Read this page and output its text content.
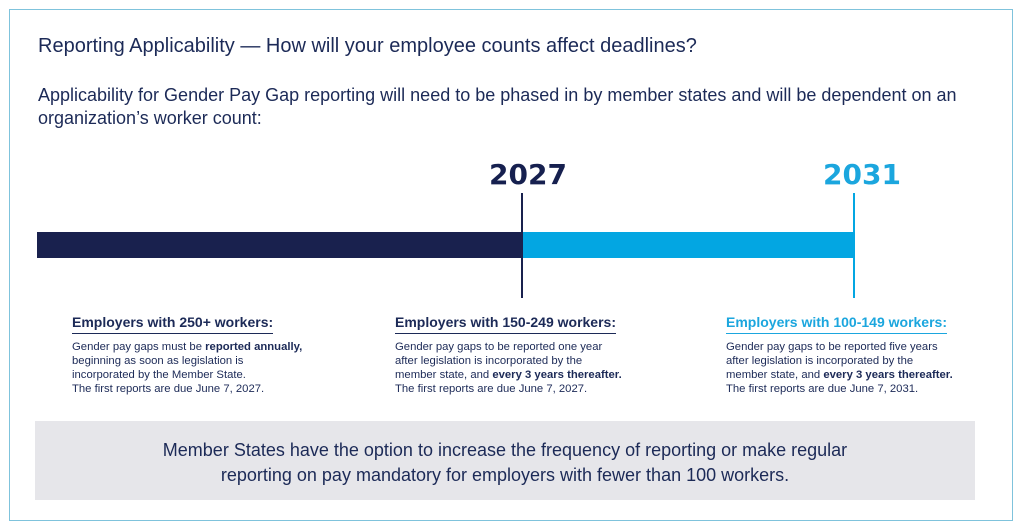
Reporting Applicability — How will your employee counts affect deadlines?
Applicability for Gender Pay Gap reporting will need to be phased in by member states and will be dependent on an organization’s worker count:
2027	2031
Employers with 250+ workers:

Gender pay gaps must be reported annually,

beginning as soon as legislation is

incorporated by the Member State.

The first reports are due June 7, 2027.

Employers with 150-249 workers:

Gender pay gaps to be reported one year

after legislation is incorporated by the

member state, and every 3 years thereafter.

The first reports are due June 7, 2027.

Employers with 100-149 workers:

Gender pay gaps to be reported five years

after legislation is incorporated by the

member state, and every 3 years thereafter.

The first reports are due June 7, 2031.

Member States have the option to increase the frequency of reporting or make regular
reporting on pay mandatory for employers with fewer than 100 workers.
